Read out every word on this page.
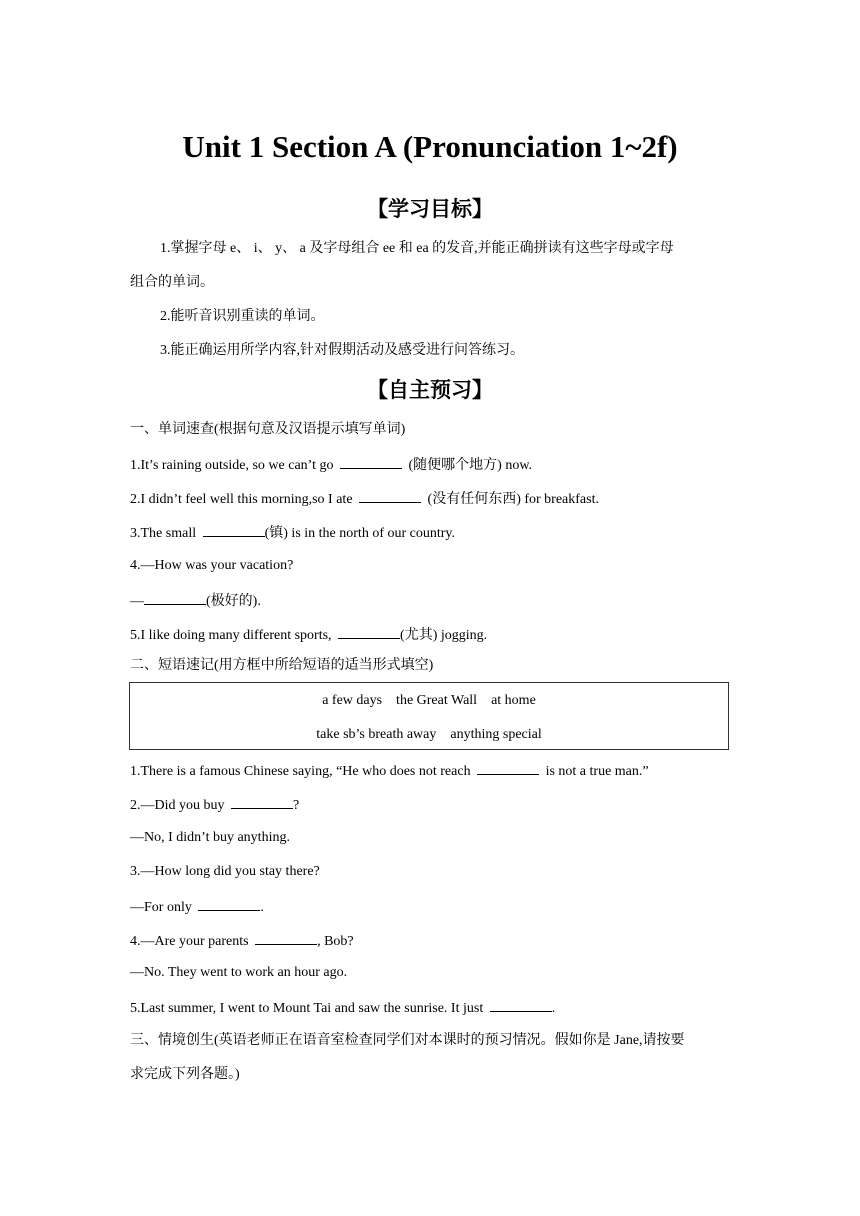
Unit 1 Section A (Pronunciation 1~2f)
【学习目标】
1.掌握字母 e、 i、 y、 a 及字母组合 ee 和 ea 的发音,并能正确拼读有这些字母或字母
组合的单词。
2.能听音识别重读的单词。
3.能正确运用所学内容,针对假期活动及感受进行问答练习。
【自主预习】
一、单词速查(根据句意及汉语提示填写单词)
1.It’s raining outside, so we can’t go	(随便哪个地方) now.
2.I didn’t feel well this morning,so I ate	(没有任何东西) for breakfast.
3.The small	(镇) is in the north of our country.
4.—How was your vacation?
—	(极好的).
5.I like doing many different sports,	(尤其) jogging.
二、短语速记(用方框中所给短语的适当形式填空)
a few days    the Great Wall    at home
take sb’s breath away    anything special
1.There is a famous Chinese saying, “He who does not reach	is not a true man.”
2.—Did you buy	?
—No, I didn’t buy anything.
3.—How long did you stay there?
—For only	.
4.—Are your parents	, Bob?
—No. They went to work an hour ago.
5.Last summer, I went to Mount Tai and saw the sunrise. It just	.
三、情境创生(英语老师正在语音室检查同学们对本课时的预习情况。假如你是 Jane,请按要
求完成下列各题。)
